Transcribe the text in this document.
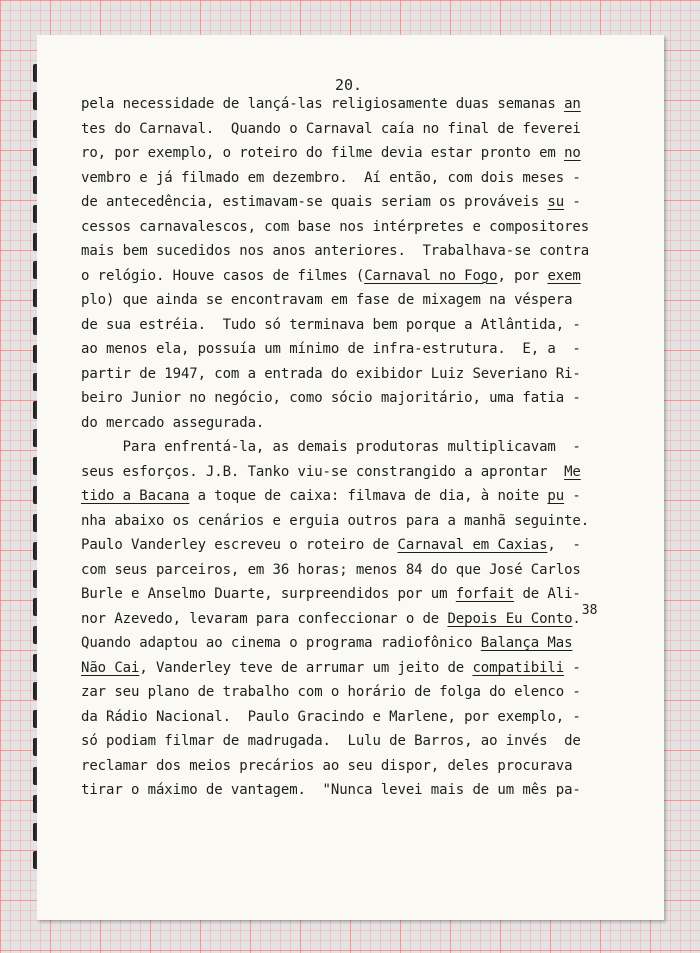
20.
pela necessidade de lançá-las religiosamente duas semanas an
tes do Carnaval.  Quando o Carnaval caía no final de feverei
ro, por exemplo, o roteiro do filme devia estar pronto em no
vembro e já filmado em dezembro.  Aí então, com dois meses -
de antecedência, estimavam-se quais seriam os prováveis su -
cessos carnavalescos, com base nos intérpretes e compositores
mais bem sucedidos nos anos anteriores.  Trabalhava-se contra
o relógio. Houve casos de filmes (Carnaval no Fogo, por exem
plo) que ainda se encontravam em fase de mixagem na véspera
de sua estréia.  Tudo só terminava bem porque a Atlântida, -
ao menos ela, possuía um mínimo de infra-estrutura.  E, a  -
partir de 1947, com a entrada do exibidor Luiz Severiano Ri-
beiro Junior no negócio, como sócio majoritário, uma fatia -
do mercado assegurada.
Para enfrentá-la, as demais produtoras multiplicavam  -
seus esforços. J.B. Tanko viu-se constrangido a aprontar  Me
tido a Bacana a toque de caixa: filmava de dia, à noite pu -
nha abaixo os cenários e erguia outros para a manhã seguinte.
Paulo Vanderley escreveu o roteiro de Carnaval em Caxias,  -
com seus parceiros, em 36 horas; menos 84 do que José Carlos
Burle e Anselmo Duarte, surpreendidos por um forfait de Ali-
nor Azevedo, levaram para confeccionar o de Depois Eu Conto.
Quando adaptou ao cinema o programa radiofônico Balança Mas
Não Cai, Vanderley teve de arrumar um jeito de compatibili -
zar seu plano de trabalho com o horário de folga do elenco -
da Rádio Nacional.  Paulo Gracindo e Marlene, por exemplo, -
só podiam filmar de madrugada.  Lulu de Barros, ao invés  de
reclamar dos meios precários ao seu dispor, deles procurava
tirar o máximo de vantagem.  "Nunca levei mais de um mês pa-
38
